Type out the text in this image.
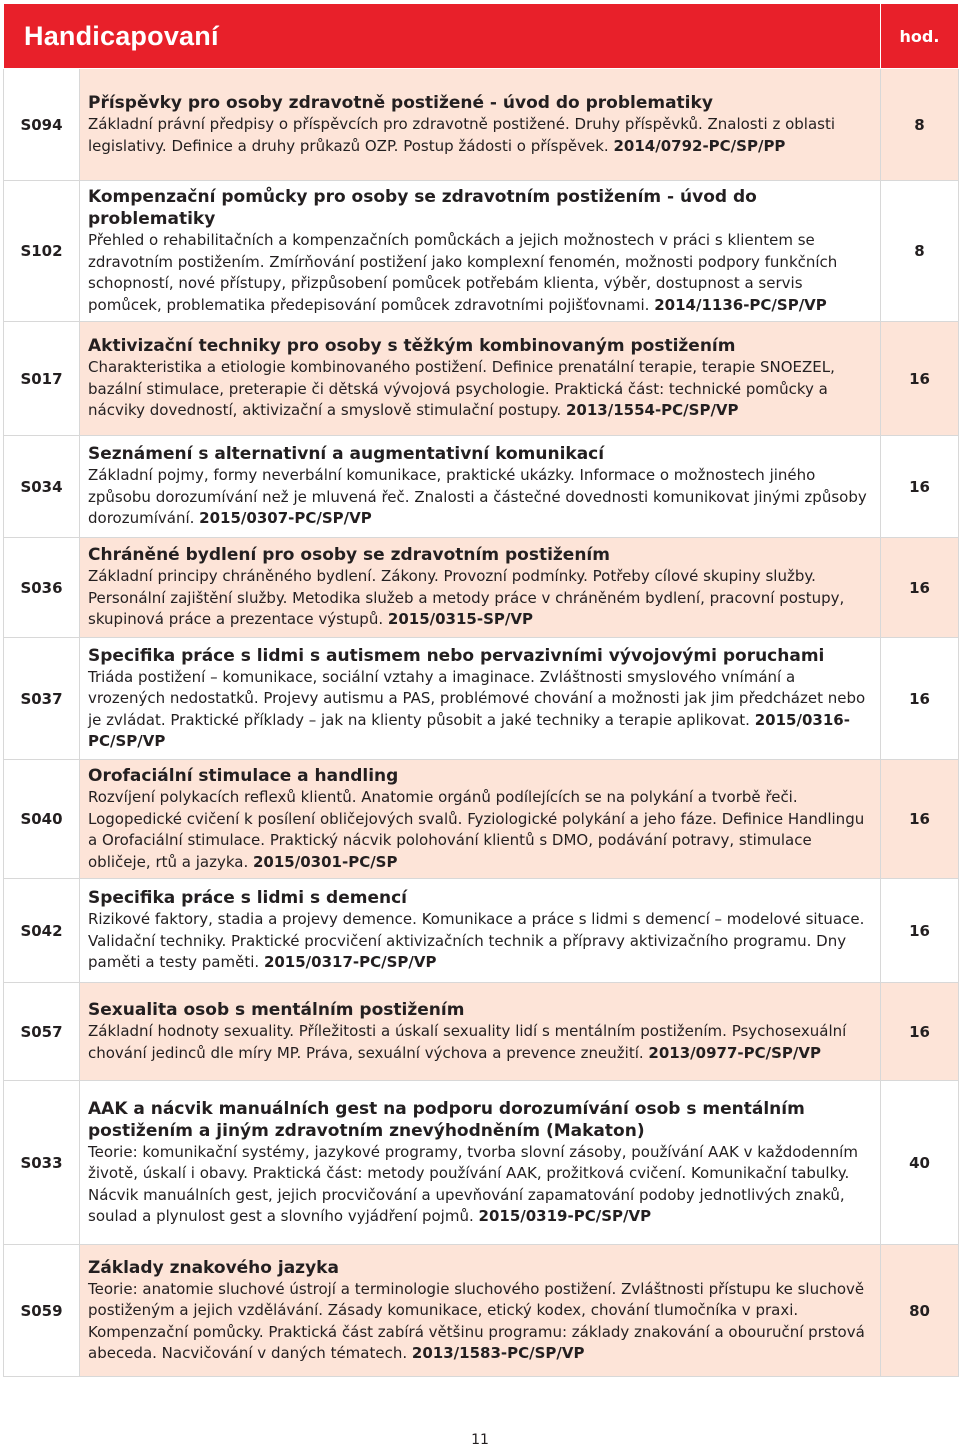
Handicapovaní		hod.
S094	Příspěvky pro osoby zdravotně postižené - úvod do problematiky
Základní právní předpisy o příspěvcích pro zdravotně postižené. Druhy příspěvků. Znalosti z oblasti legislativy. Definice a druhy průkazů OZP. Postup žádosti o příspěvek. 2014/0792-PC/SP/PP	8
S102	Kompenzační pomůcky pro osoby se zdravotním postižením - úvod do problematiky
Přehled o rehabilitačních a kompenzačních pomůckách a jejich možnostech v práci s klientem se zdravotním postižením. Zmírňování postižení jako komplexní fenomén, možnosti podpory funkčních schopností, nové přístupy, přizpůsobení pomůcek potřebám klienta, výběr, dostupnost a servis pomůcek, problematika předepisování pomůcek zdravotními pojišťovnami. 2014/1136-PC/SP/VP	8
S017	Aktivizační techniky pro osoby s těžkým kombinovaným postižením
Charakteristika a etiologie kombinovaného postižení. Definice prenatální terapie, terapie SNOEZEL, bazální stimulace, preterapie či dětská vývojová psychologie. Praktická část: technické pomůcky a nácviky dovedností, aktivizační a smyslově stimulační postupy. 2013/1554-PC/SP/VP	16
S034	Seznámení s alternativní a augmentativní komunikací
Základní pojmy, formy neverbální komunikace, praktické ukázky. Informace o možnostech jiného způsobu dorozumívání než je mluvená řeč. Znalosti a částečné dovednosti komunikovat jinými způsoby dorozumívání. 2015/0307-PC/SP/VP	16
S036	Chráněné bydlení pro osoby se zdravotním postižením
Základní principy chráněného bydlení. Zákony. Provozní podmínky. Potřeby cílové skupiny služby. Personální zajištění služby. Metodika služeb a metody práce v chráněném bydlení, pracovní postupy, skupinová práce a prezentace výstupů. 2015/0315-SP/VP	16
S037	Specifika práce s lidmi s autismem nebo pervazivními vývojovými poruchami
Triáda postižení – komunikace, sociální vztahy a imaginace. Zvláštnosti smyslového vnímání a vrozených nedostatků. Projevy autismu a PAS, problémové chování a možnosti jak jim předcházet nebo je zvládat. Praktické příklady – jak na klienty působit a jaké techniky a terapie aplikovat. 2015/0316-PC/SP/VP	16
S040	Orofaciální stimulace a handling
Rozvíjení polykacích reflexů klientů. Anatomie orgánů podílejících se na polykání a tvorbě řeči. Logopedické cvičení k posílení obličejových svalů. Fyziologické polykání a jeho fáze. Definice Handlingu a Orofaciální stimulace. Praktický nácvik polohování klientů s DMO, podávání potravy, stimulace obličeje, rtů a jazyka. 2015/0301-PC/SP	16
S042	Specifika práce s lidmi s demencí
Rizikové faktory, stadia a projevy demence. Komunikace a práce s lidmi s demencí – modelové situace. Validační techniky. Praktické procvičení aktivizačních technik a přípravy aktivizačního programu. Dny paměti a testy paměti. 2015/0317-PC/SP/VP	16
S057	Sexualita osob s mentálním postižením
Základní hodnoty sexuality. Příležitosti a úskalí sexuality lidí s mentálním postižením. Psychosexuální chování jedinců dle míry MP. Práva, sexuální výchova a prevence zneužití. 2013/0977-PC/SP/VP	16
S033	AAK a nácvik manuálních gest na podporu dorozumívání osob s mentálním postižením a jiným zdravotním znevýhodněním (Makaton)
Teorie: komunikační systémy, jazykové programy, tvorba slovní zásoby, používání AAK v každodenním životě, úskalí i obavy. Praktická část: metody používání AAK, prožitková cvičení. Komunikační tabulky. Nácvik manuálních gest, jejich procvičování a upevňování zapamatování podoby jednotlivých znaků, soulad a plynulost gest a slovního vyjádření pojmů. 2015/0319-PC/SP/VP	40
S059	Základy znakového jazyka
Teorie: anatomie sluchové ústrojí a terminologie sluchového postižení. Zvláštnosti přístupu ke sluchově postiženým a jejich vzdělávání. Zásady komunikace, etický kodex, chování tlumočníka v praxi. Kompenzační pomůcky. Praktická část zabírá většinu programu: základy znakování a obouruční prstová abeceda. Nacvičování v daných tématech. 2013/1583-PC/SP/VP	80
11
